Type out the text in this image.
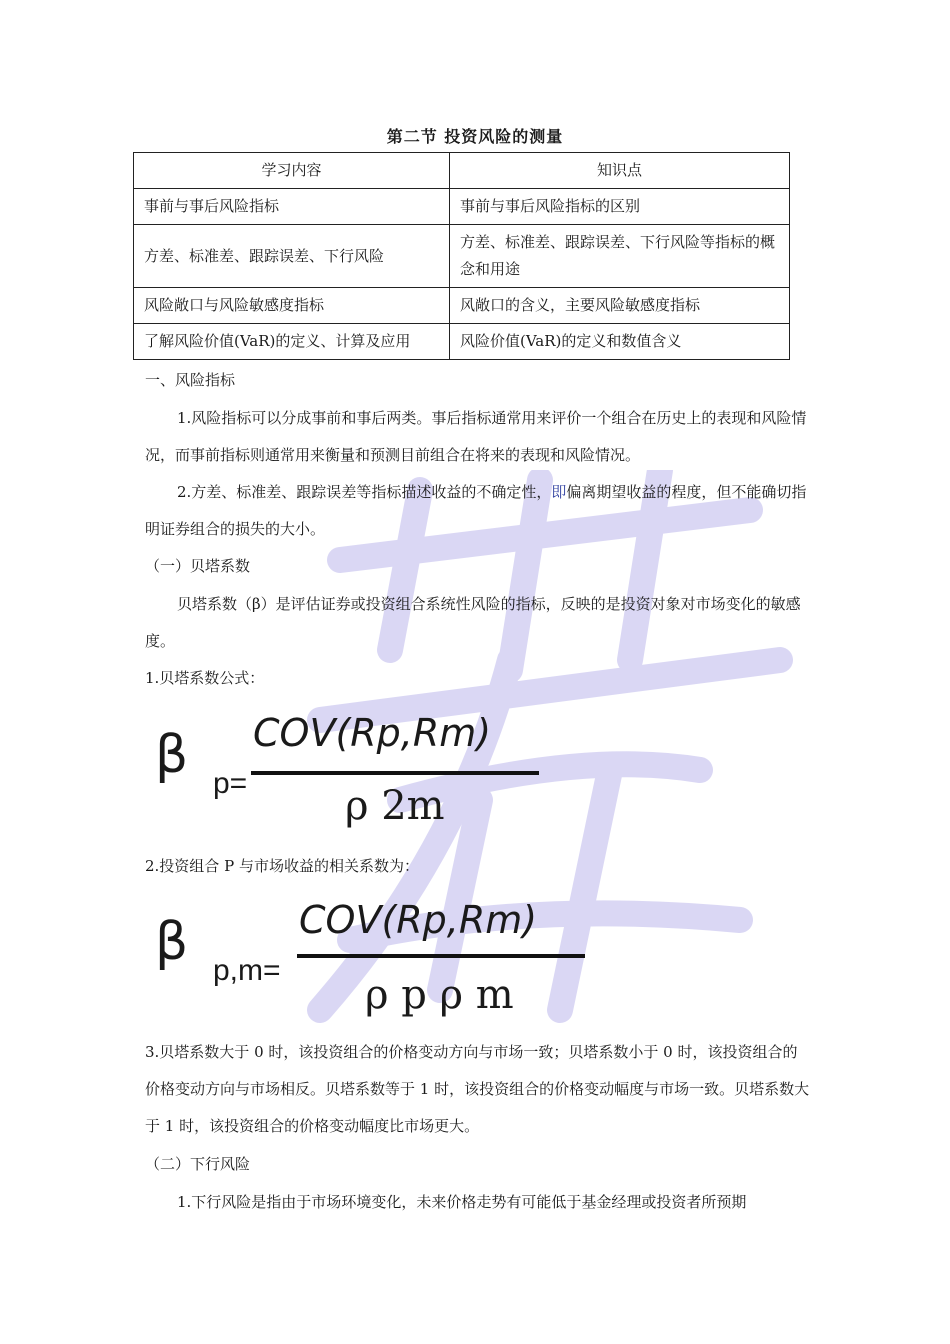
第二节 投资风险的测量
学习内容	知识点
事前与事后风险指标	事前与事后风险指标的区别
方差、标准差、跟踪误差、下行风险	方差、标准差、跟踪误差、下行风险等指标的概念和用途
风险敞口与风险敏感度指标	风敞口的含义，主要风险敏感度指标
了解风险价值(VaR)的定义、计算及应用	风险价值(VaR)的定义和数值含义
一、风险指标
1.风险指标可以分成事前和事后两类。事后指标通常用来评价一个组合在历史上的表现和风险情况，而事前指标则通常用来衡量和预测目前组合在将来的表现和风险情况。
2.方差、标准差、跟踪误差等指标描述收益的不确定性，即偏离期望收益的程度，但不能确切指明证券组合的损失的大小。
（一）贝塔系数
贝塔系数（β）是评估证券或投资组合系统性风险的指标，反映的是投资对象对市场变化的敏感度。
1.贝塔系数公式：
β p=
COV(Rp,Rm)
ρ 2m
2.投资组合 P 与市场收益的相关系数为：
β p,m=
COV(Rp,Rm)
ρ p ρ m
3.贝塔系数大于 0 时，该投资组合的价格变动方向与市场一致；贝塔系数小于 0 时，该投资组合的价格变动方向与市场相反。贝塔系数等于 1 时，该投资组合的价格变动幅度与市场一致。贝塔系数大于 1 时，该投资组合的价格变动幅度比市场更大。
（二）下行风险
1.下行风险是指由于市场环境变化，未来价格走势有可能低于基金经理或投资者所预期
